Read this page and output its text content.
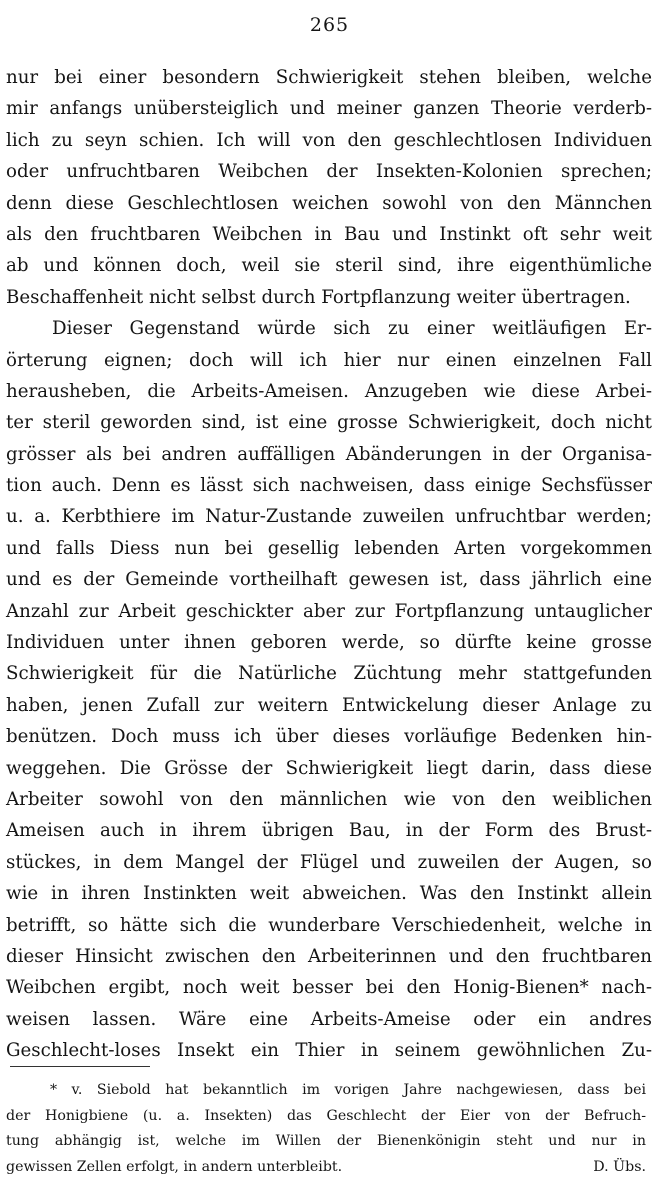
265
nur bei einer besondern Schwierigkeit stehen bleiben, welche
mir anfangs unübersteiglich und meiner ganzen Theorie verderb-
lich zu seyn schien. Ich will von den geschlechtlosen Individuen
oder unfruchtbaren Weibchen der Insekten-Kolonien sprechen;
denn diese Geschlechtlosen weichen sowohl von den Männchen
als den fruchtbaren Weibchen in Bau und Instinkt oft sehr weit
ab und können doch, weil sie steril sind, ihre eigenthümliche
Beschaffenheit nicht selbst durch Fortpflanzung weiter übertragen.
Dieser Gegenstand würde sich zu einer weitläufigen Er-
örterung eignen; doch will ich hier nur einen einzelnen Fall
herausheben, die Arbeits-Ameisen. Anzugeben wie diese Arbei-
ter steril geworden sind, ist eine grosse Schwierigkeit, doch nicht
grösser als bei andren auffälligen Abänderungen in der Organisa-
tion auch. Denn es lässt sich nachweisen, dass einige Sechsfüsser
u. a. Kerbthiere im Natur-Zustande zuweilen unfruchtbar werden;
und falls Diess nun bei gesellig lebenden Arten vorgekommen
und es der Gemeinde vortheilhaft gewesen ist, dass jährlich eine
Anzahl zur Arbeit geschickter aber zur Fortpflanzung untauglicher
Individuen unter ihnen geboren werde, so dürfte keine grosse
Schwierigkeit für die Natürliche Züchtung mehr stattgefunden
haben, jenen Zufall zur weitern Entwickelung dieser Anlage zu
benützen. Doch muss ich über dieses vorläufige Bedenken hin-
weggehen. Die Grösse der Schwierigkeit liegt darin, dass diese
Arbeiter sowohl von den männlichen wie von den weiblichen
Ameisen auch in ihrem übrigen Bau, in der Form des Brust-
stückes, in dem Mangel der Flügel und zuweilen der Augen, so
wie in ihren Instinkten weit abweichen. Was den Instinkt allein
betrifft, so hätte sich die wunderbare Verschiedenheit, welche in
dieser Hinsicht zwischen den Arbeiterinnen und den fruchtbaren
Weibchen ergibt, noch weit besser bei den Honig-Bienen* nach-
weisen lassen. Wäre eine Arbeits-Ameise oder ein andres
Geschlecht-loses Insekt ein Thier in seinem gewöhnlichen Zu-
* v. Siebold hat bekanntlich im vorigen Jahre nachgewiesen, dass bei
der Honigbiene (u. a. Insekten) das Geschlecht der Eier von der Befruch-
tung abhängig ist, welche im Willen der Bienenkönigin steht und nur in
gewissen Zellen erfolgt, in andern unterbleibt.	D. Übs.
